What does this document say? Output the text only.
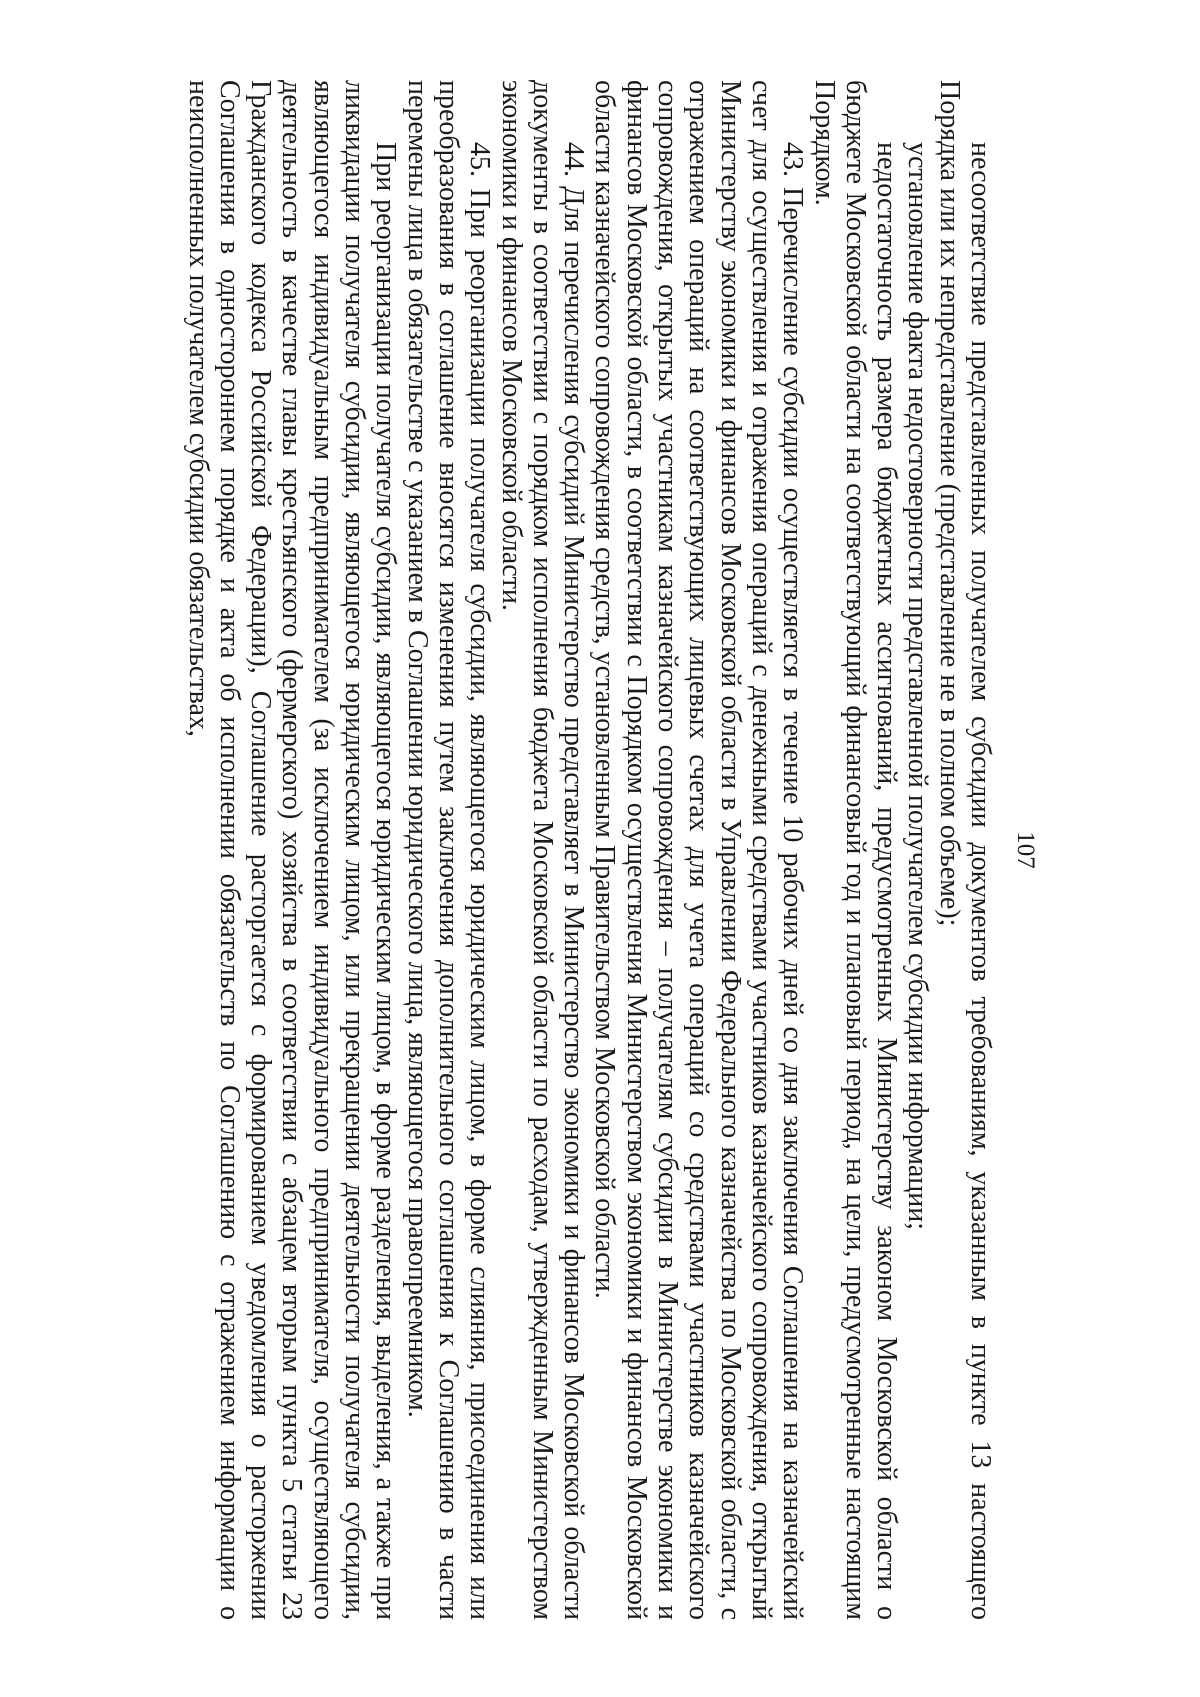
107

несоответствие представленных получателем субсидии документов требованиям, указанным в пункте 13 настоящего Порядка или их непредставление (представление не в полном объеме);

установление факта недостоверности представленной получателем субсидии информации;

недостаточность размера бюджетных ассигнований, предусмотренных Министерству законом Московской области о бюджете Московской области на соответствующий финансовый год и плановый период, на цели, предусмотренные настоящим Порядком.

43. Перечисление субсидии осуществляется в течение 10 рабочих дней со дня заключения Соглашения на казначейский счет для осуществления и отражения операций с денежными средствами участников казначейского сопровождения, открытый Министерству экономики и финансов Московской области в Управлении Федерального казначейства по Московской области, с отражением операций на соответствующих лицевых счетах для учета операций со средствами участников казначейского сопровождения, открытых участникам казначейского сопровождения – получателям субсидии в Министерстве экономики и финансов Московской области, в соответствии с Порядком осуществления Министерством экономики и финансов Московской области казначейского сопровождения средств, установленным Правительством Московской области.

44. Для перечисления субсидий Министерство представляет в Министерство экономики и финансов Московской области документы в соответствии с порядком исполнения бюджета Московской области по расходам, утвержденным Министерством экономики и финансов Московской области.

45. При реорганизации получателя субсидии, являющегося юридическим лицом, в форме слияния, присоединения или преобразования в соглашение вносятся изменения путем заключения дополнительного соглашения к Соглашению в части перемены лица в обязательстве с указанием в Соглашении юридического лица, являющегося правопреемником.

При реорганизации получателя субсидии, являющегося юридическим лицом, в форме разделения, выделения, а также при ликвидации получателя субсидии, являющегося юридическим лицом, или прекращении деятельности получателя субсидии, являющегося индивидуальным предпринимателем (за исключением индивидуального предпринимателя, осуществляющего деятельность в качестве главы крестьянского (фермерского) хозяйства в соответствии с абзацем вторым пункта 5 статьи 23 Гражданского кодекса Российской Федерации), Соглашение расторгается с формированием уведомления о расторжении Соглашения в одностороннем порядке и акта об исполнении обязательств по Соглашению с отражением информации о неисполненных получателем субсидии обязательствах,
